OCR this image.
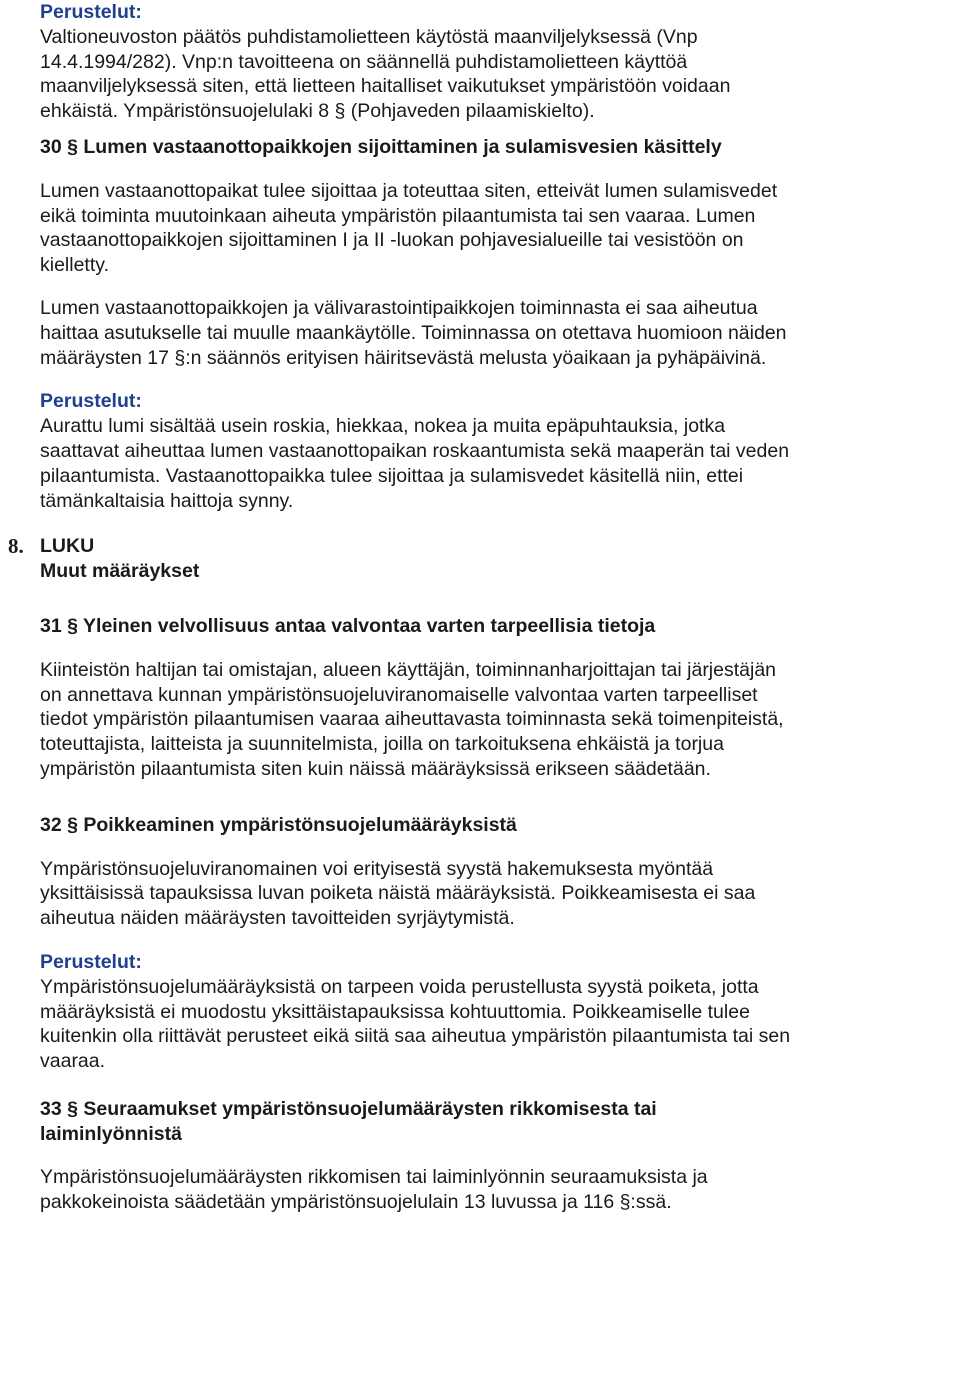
Perustelut:

Valtioneuvoston päätös puhdistamolietteen käytöstä maanviljelyksessä (Vnp

14.4.1994/282). Vnp:n tavoitteena on säännellä puhdistamolietteen käyttöä

maanviljelyksessä siten, että lietteen haitalliset vaikutukset ympäristöön voidaan

ehkäistä. Ympäristönsuojelulaki 8 § (Pohjaveden pilaamiskielto).

30 § Lumen vastaanottopaikkojen sijoittaminen ja sulamisvesien käsittely

Lumen vastaanottopaikat tulee sijoittaa ja toteuttaa siten, etteivät lumen sulamisvedet

eikä toiminta muutoinkaan aiheuta ympäristön pilaantumista tai sen vaaraa. Lumen

vastaanottopaikkojen sijoittaminen I ja II -luokan pohjavesialueille tai vesistöön on

kielletty.

Lumen vastaanottopaikkojen ja välivarastointipaikkojen toiminnasta ei saa aiheutua

haittaa asutukselle tai muulle maankäytölle. Toiminnassa on otettava huomioon näiden

määräysten 17 §:n säännös erityisen häiritsevästä melusta yöaikaan ja pyhäpäivinä.

Perustelut:

Aurattu lumi sisältää usein roskia, hiekkaa, nokea ja muita epäpuhtauksia, jotka

saattavat aiheuttaa lumen vastaanottopaikan roskaantumista sekä maaperän tai veden

pilaantumista. Vastaanottopaikka tulee sijoittaa ja sulamisvedet käsitellä niin, ettei

tämänkaltaisia haittoja synny.

8. LUKU

Muut määräykset

31 § Yleinen velvollisuus antaa valvontaa varten tarpeellisia tietoja

Kiinteistön haltijan tai omistajan, alueen käyttäjän, toiminnanharjoittajan tai järjestäjän

on annettava kunnan ympäristönsuojeluviranomaiselle valvontaa varten tarpeelliset

tiedot ympäristön pilaantumisen vaaraa aiheuttavasta toiminnasta sekä toimenpiteistä,

toteuttajista, laitteista ja suunnitelmista, joilla on tarkoituksena ehkäistä ja torjua

ympäristön pilaantumista siten kuin näissä määräyksissä erikseen säädetään.

32 § Poikkeaminen ympäristönsuojelumääräyksistä

Ympäristönsuojeluviranomainen voi erityisestä syystä hakemuksesta myöntää

yksittäisissä tapauksissa luvan poiketa näistä määräyksistä. Poikkeamisesta ei saa

aiheutua näiden määräysten tavoitteiden syrjäytymistä.

Perustelut:

Ympäristönsuojelumääräyksistä on tarpeen voida perustellusta syystä poiketa, jotta

määräyksistä ei muodostu yksittäistapauksissa kohtuuttomia. Poikkeamiselle tulee

kuitenkin olla riittävät perusteet eikä siitä saa aiheutua ympäristön pilaantumista tai sen

vaaraa.

33 § Seuraamukset ympäristönsuojelumääräysten rikkomisesta tai

laiminlyönnistä

Ympäristönsuojelumääräysten rikkomisen tai laiminlyönnin seuraamuksista ja

pakkokeinoista säädetään ympäristönsuojelulain 13 luvussa ja 116 §:ssä.
